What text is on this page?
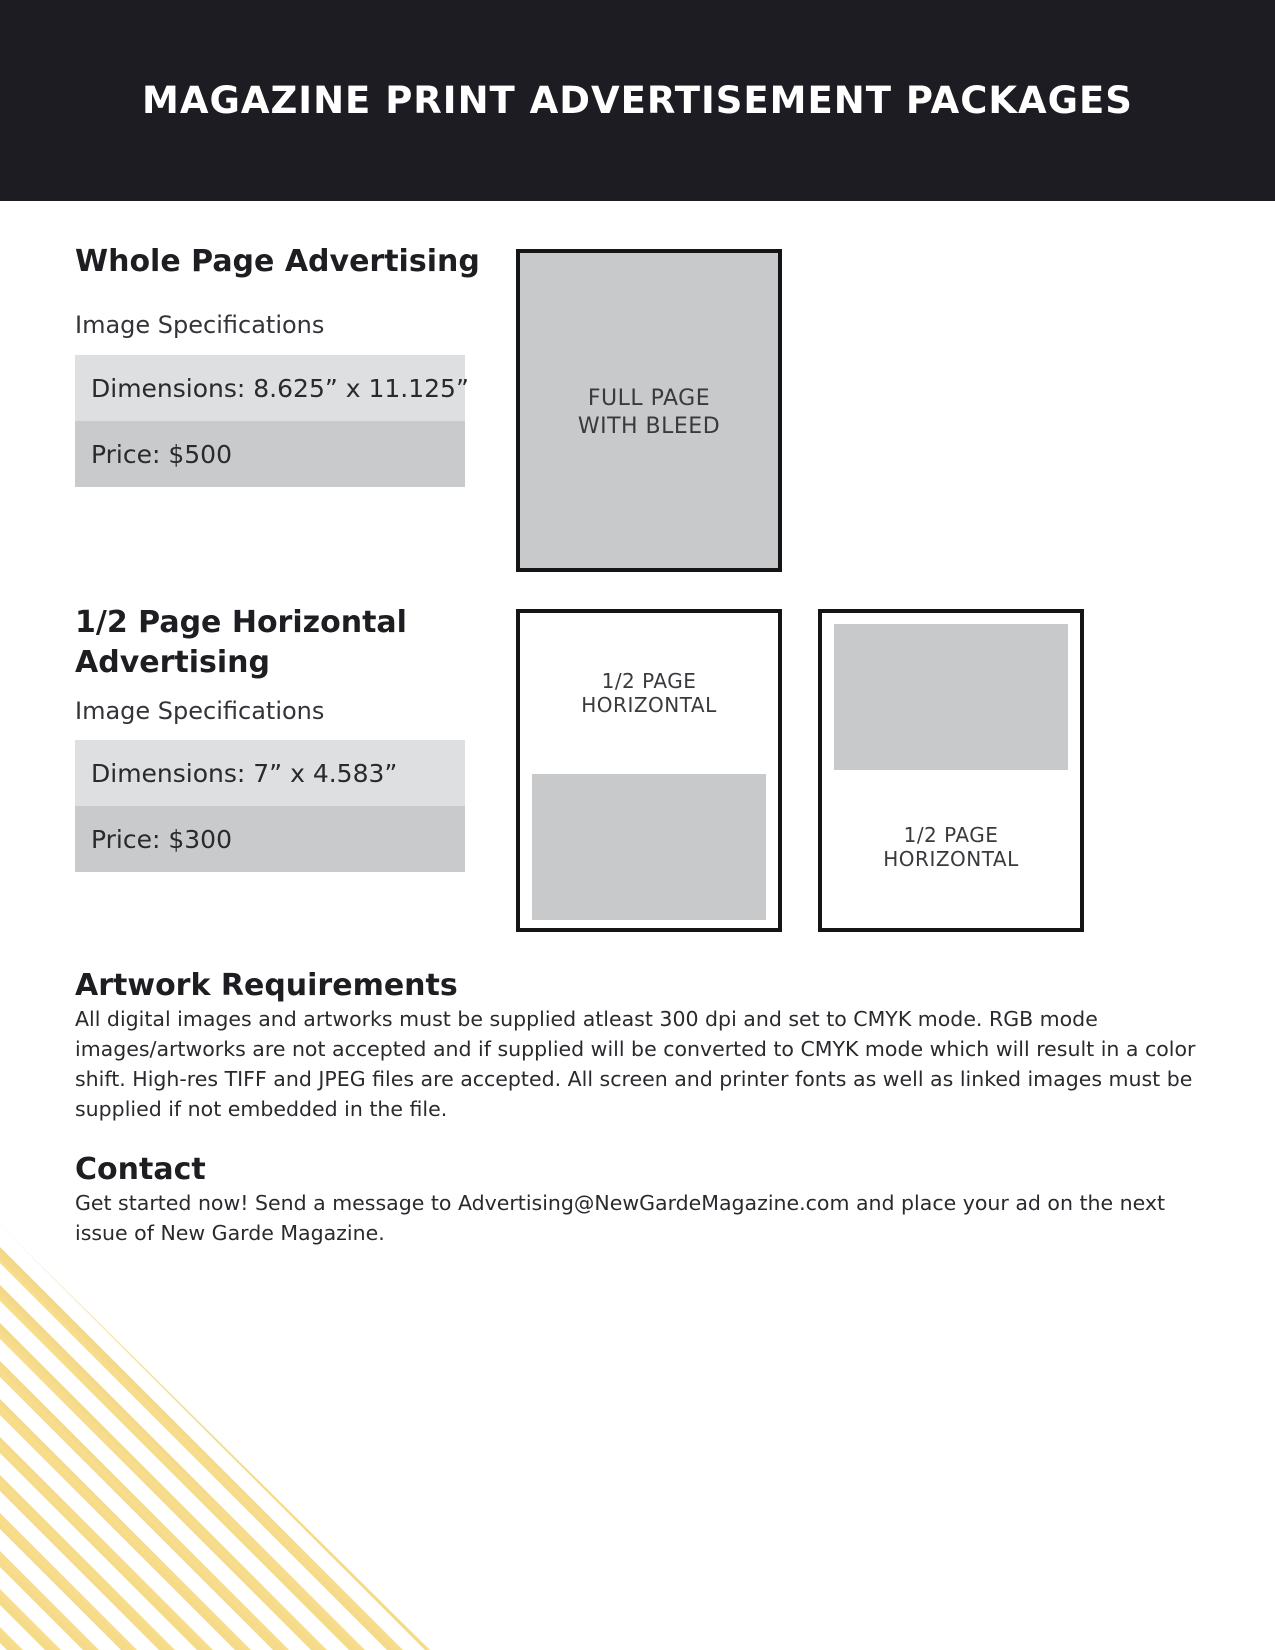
MAGAZINE PRINT ADVERTISEMENT PACKAGES
Whole Page Advertising
Image Specifications
Dimensions: 8.625” x 11.125”
Price: $500
FULL PAGE
WITH BLEED
1/2 Page Horizontal
Advertising
Image Specifications
Dimensions: 7” x 4.583”
Price: $300
1/2 PAGE
HORIZONTAL
1/2 PAGE
HORIZONTAL
Artwork Requirements
All digital images and artworks must be supplied atleast 300 dpi and set to CMYK mode. RGB mode images/artworks are not accepted and if supplied will be converted to CMYK mode which will result in a color shift. High-res TIFF and JPEG files are accepted. All screen and printer fonts as well as linked images must be supplied if not embedded in the file.
Contact
Get started now! Send a message to Advertising@NewGardeMagazine.com and place your ad on the next issue of New Garde Magazine.
